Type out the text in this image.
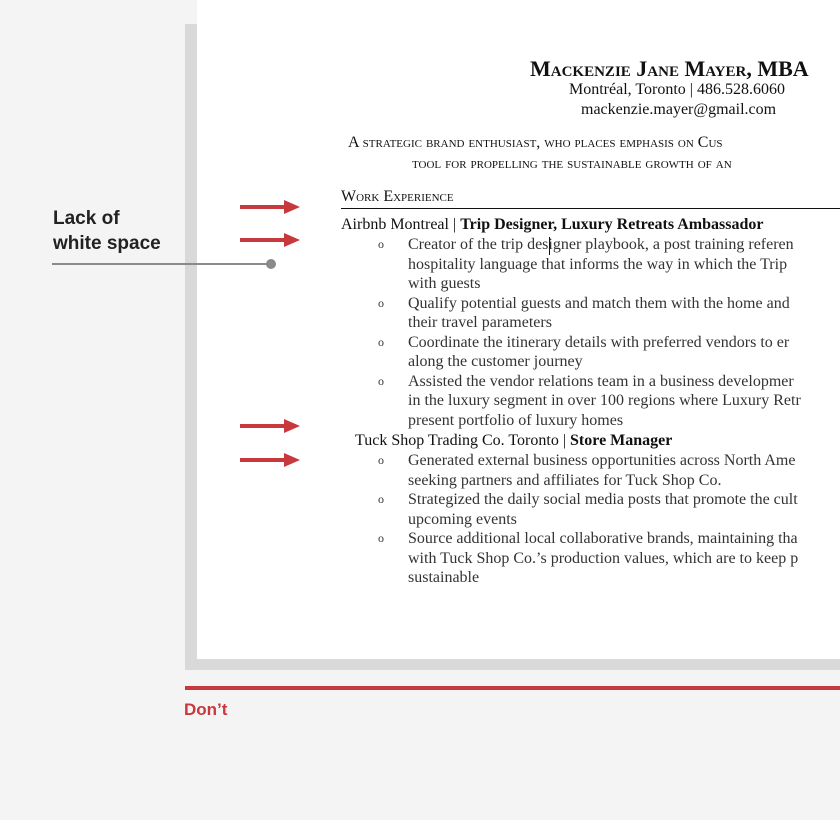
Lack of
white space
Mackenzie Jane Mayer, MBA
Montréal, Toronto | 486.528.6060
mackenzie.mayer@gmail.com
A strategic brand enthusiast, who places emphasis on Cus
tool for propelling the sustainable growth of an
Work Experience
Airbnb Montreal | Trip Designer, Luxury Retreats Ambassador
o Creator of the trip designer playbook, a post training referen
hospitality language that informs the way in which the Trip
with guests
o Qualify potential guests and match them with the home and
their travel parameters
o Coordinate the itinerary details with preferred vendors to er
along the customer journey
o Assisted the vendor relations team in a business developmer
in the luxury segment in over 100 regions where Luxury Retr
present portfolio of luxury homes
Tuck Shop Trading Co. Toronto | Store Manager
o Generated external business opportunities across North Ame
seeking partners and affiliates for Tuck Shop Co.
o Strategized the daily social media posts that promote the cult
upcoming events
o Source additional local collaborative brands, maintaining tha
with Tuck Shop Co.’s production values, which are to keep p
sustainable
Don’t
